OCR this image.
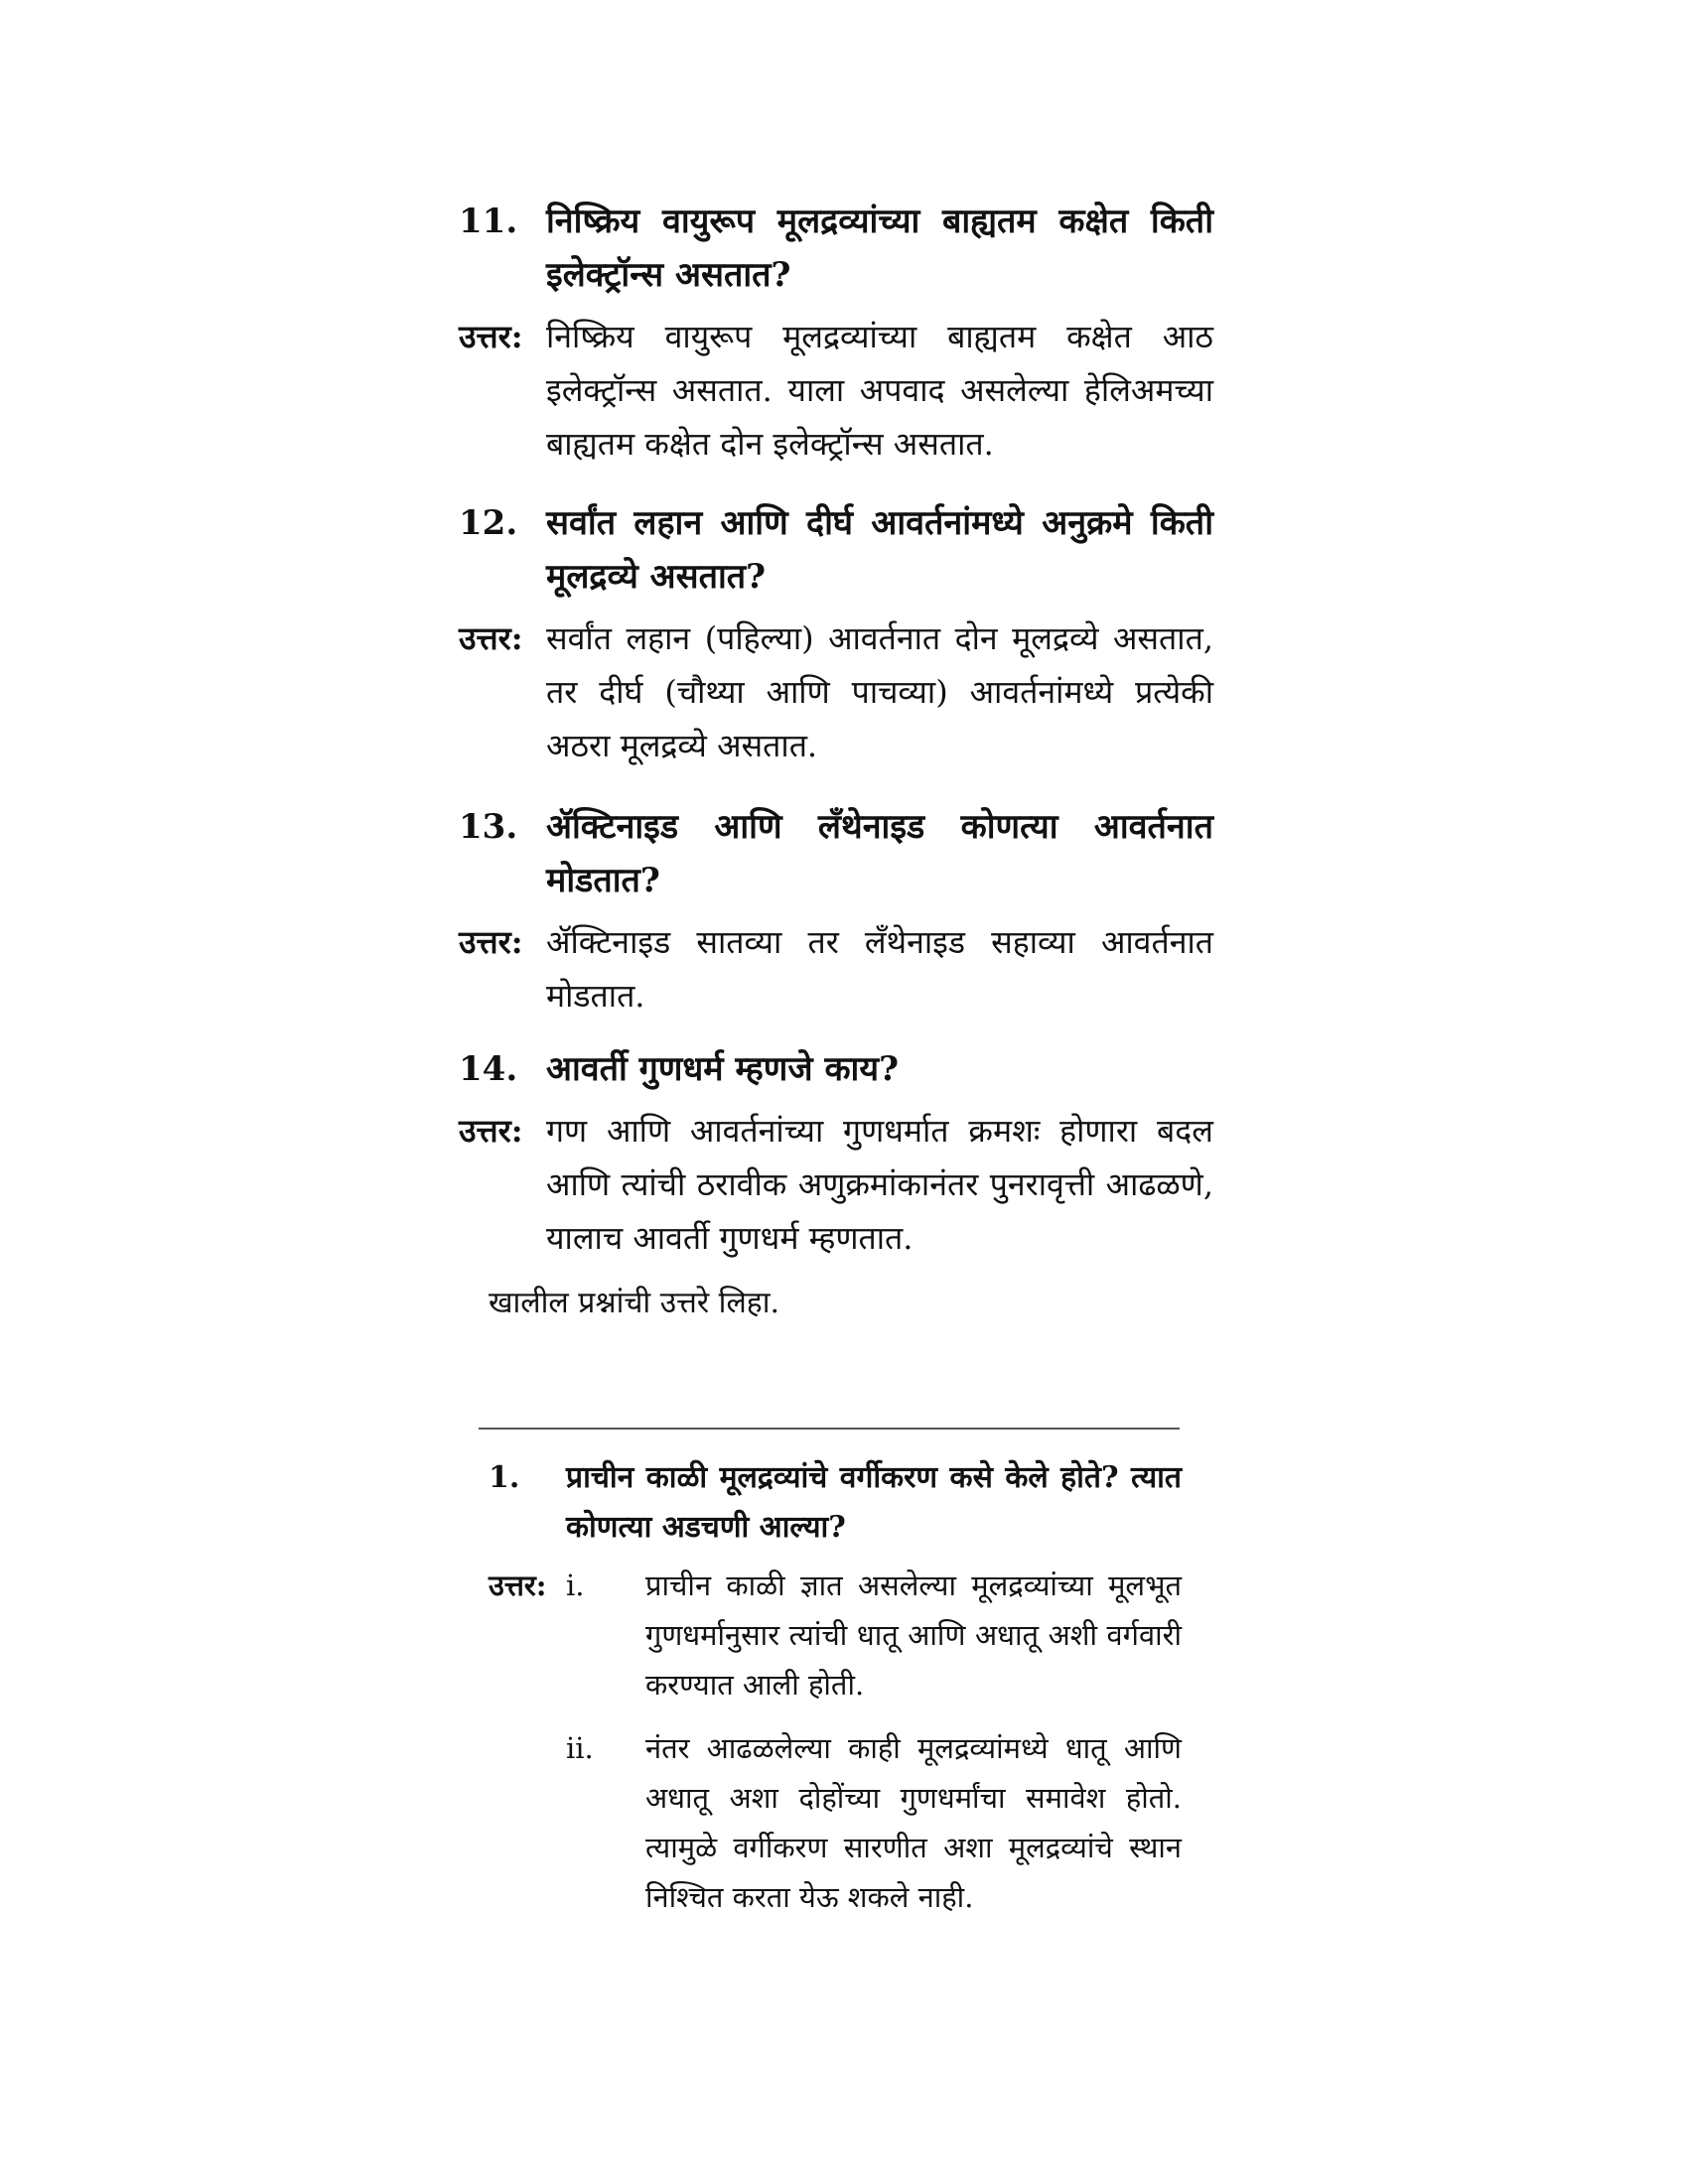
11. निष्क्रिय वायुरूप मूलद्रव्यांच्या बाह्यतम कक्षेत किती इलेक्ट्रॉन्स असतात?
उत्तर: निष्क्रिय वायुरूप मूलद्रव्यांच्या बाह्यतम कक्षेत आठ इलेक्ट्रॉन्स असतात. याला अपवाद असलेल्या हेलिअमच्या बाह्यतम कक्षेत दोन इलेक्ट्रॉन्स असतात.
12. सर्वांत लहान आणि दीर्घ आवर्तनांमध्ये अनुक्रमे किती मूलद्रव्ये असतात?
उत्तर: सर्वांत लहान (पहिल्या) आवर्तनात दोन मूलद्रव्ये असतात, तर दीर्घ (चौथ्या आणि पाचव्या) आवर्तनांमध्ये प्रत्येकी अठरा मूलद्रव्ये असतात.
13. ॲक्टिनाइड आणि लँथेनाइड कोणत्या आवर्तनात मोडतात?
उत्तर: ॲक्टिनाइड सातव्या तर लँथेनाइड सहाव्या आवर्तनात मोडतात.
14. आवर्ती गुणधर्म म्हणजे काय?
उत्तर: गण आणि आवर्तनांच्या गुणधर्मात क्रमशः होणारा बदल आणि त्यांची ठरावीक अणुक्रमांकानंतर पुनरावृत्ती आढळणे, यालाच आवर्ती गुणधर्म म्हणतात.
खालील प्रश्नांची उत्तरे लिहा.
1.	प्राचीन काळी मूलद्रव्यांचे वर्गीकरण कसे केले होते? त्यात कोणत्या अडचणी आल्या?
उत्तर: i.	प्राचीन काळी ज्ञात असलेल्या मूलद्रव्यांच्या मूलभूत गुणधर्मानुसार त्यांची धातू आणि अधातू अशी वर्गवारी करण्यात आली होती.
ii.	नंतर आढळलेल्या काही मूलद्रव्यांमध्ये धातू आणि अधातू अशा दोहोंच्या गुणधर्मांचा समावेश होतो. त्यामुळे वर्गीकरण सारणीत अशा मूलद्रव्यांचे स्थान निश्चित करता येऊ शकले नाही.
